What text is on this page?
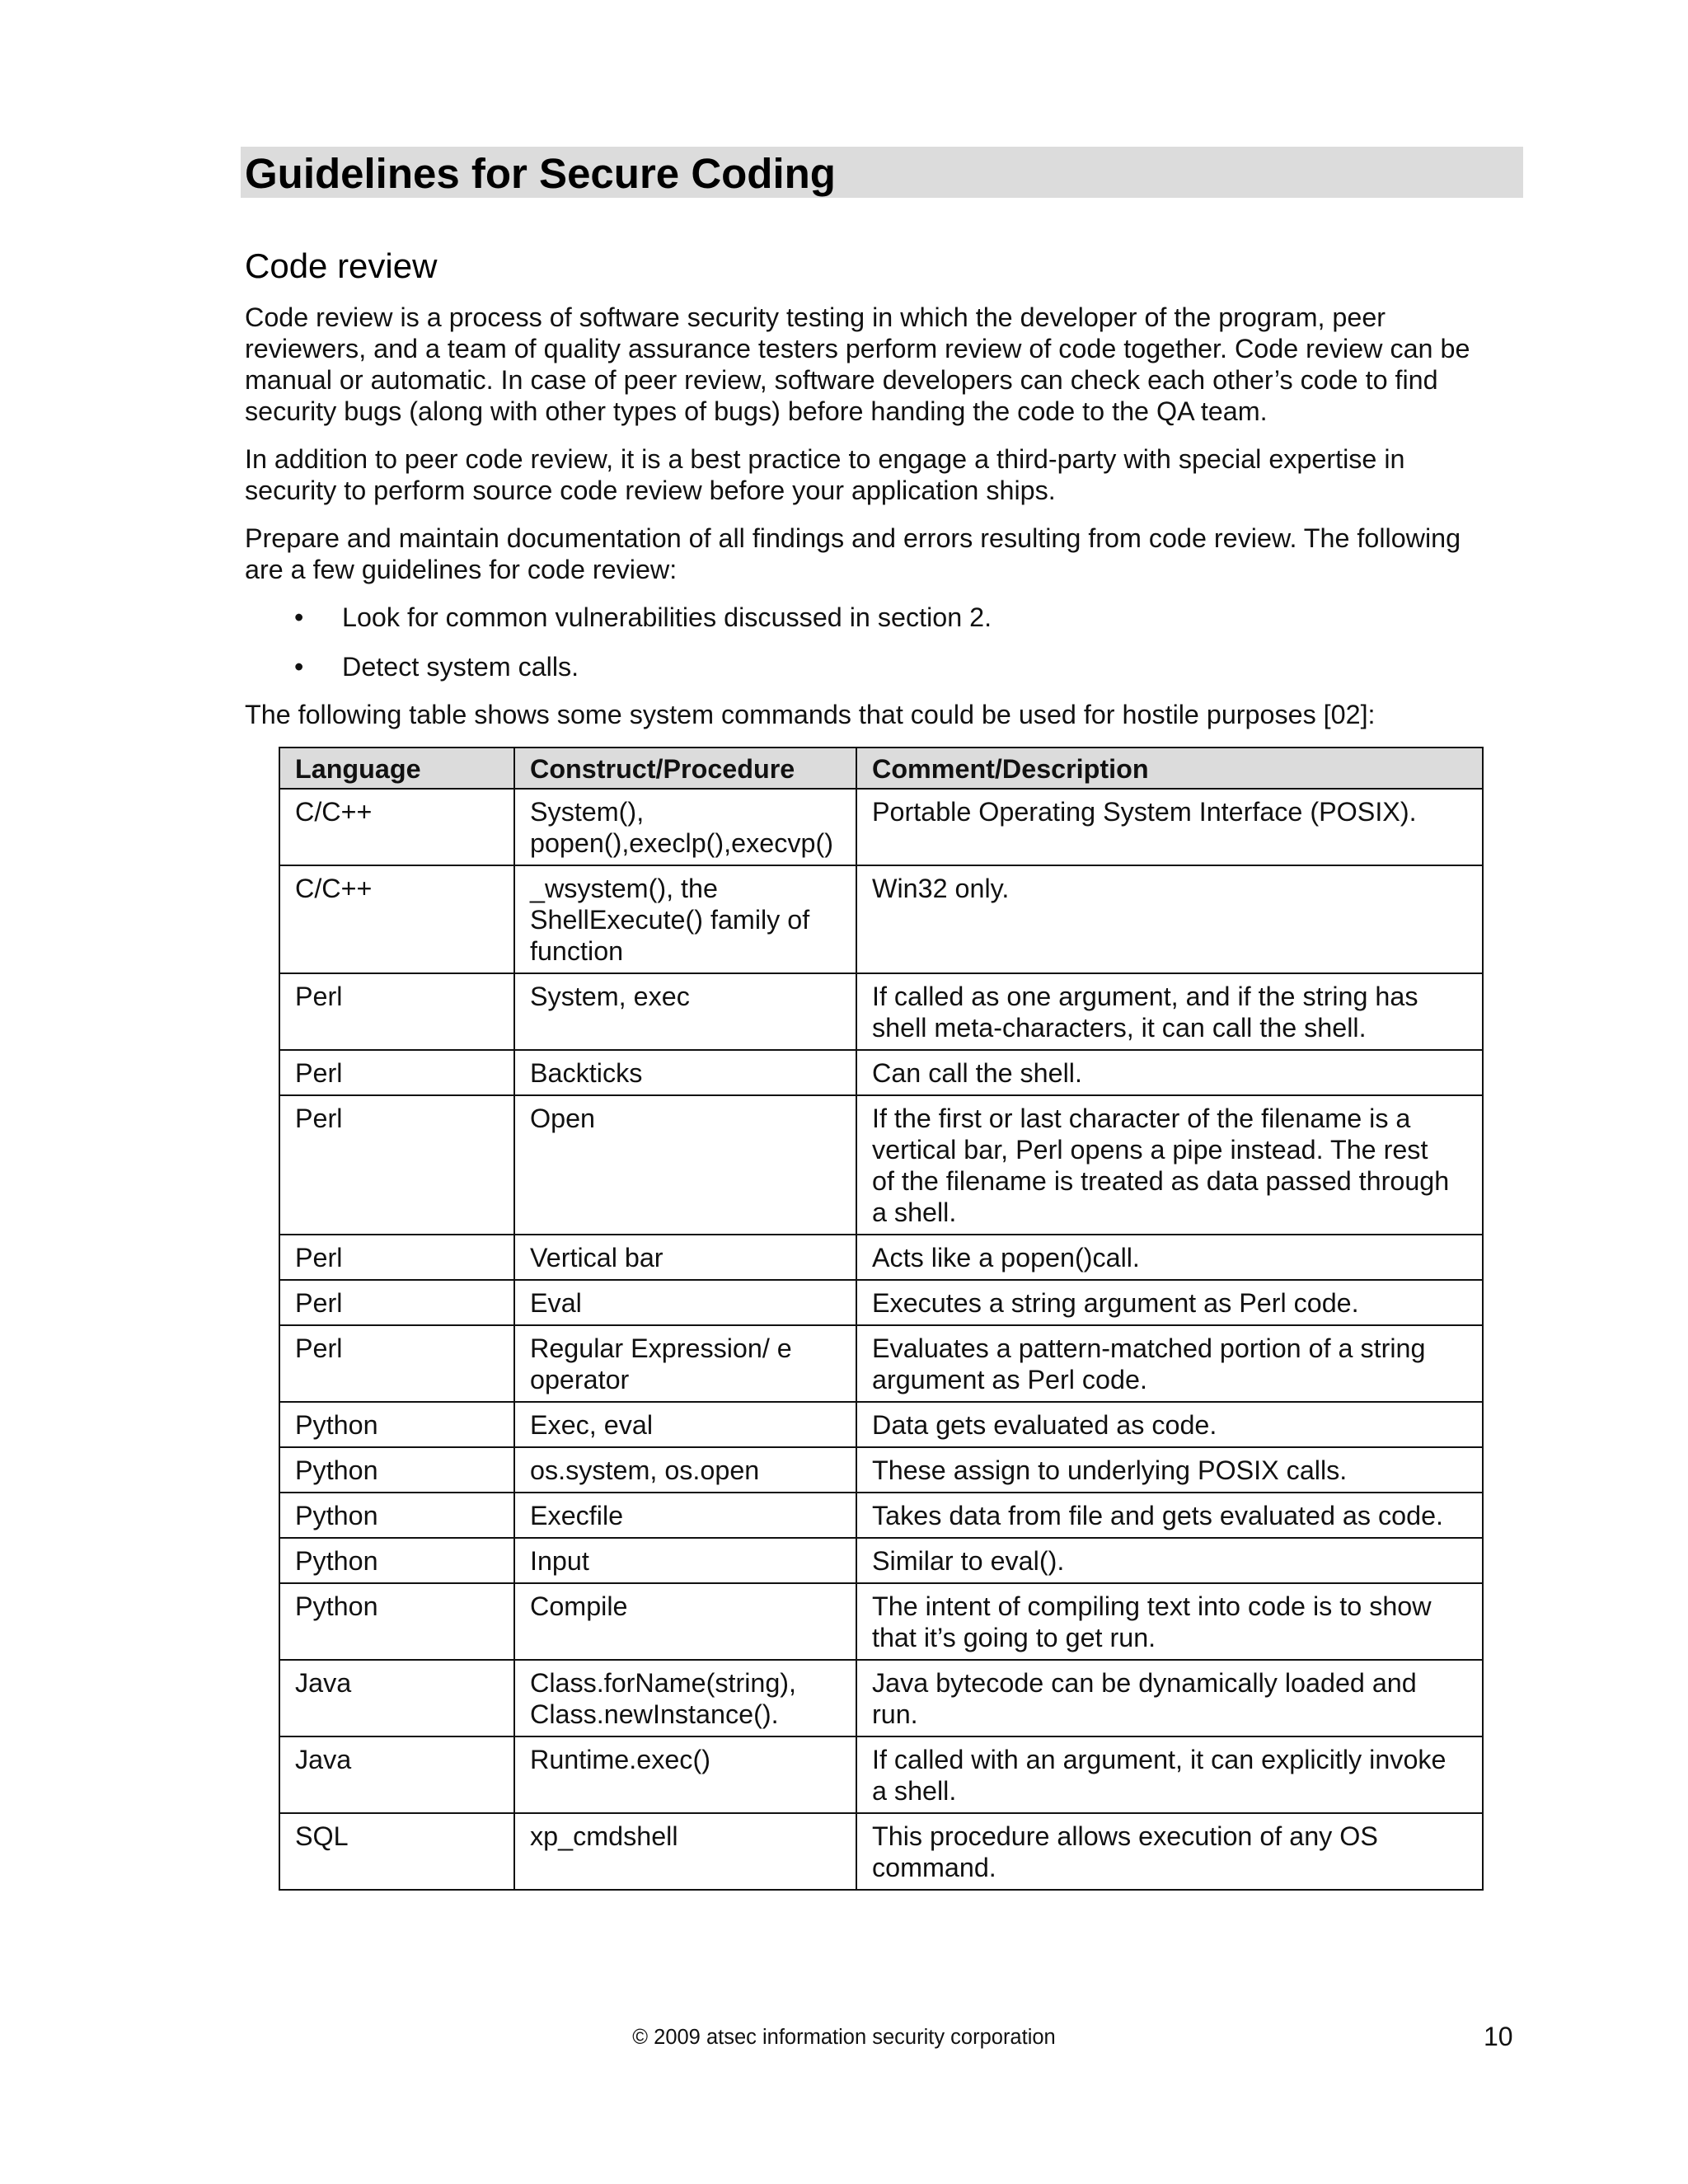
Guidelines for Secure Coding
Code review

Code review is a process of software security testing in which the developer of the program, peer
reviewers, and a team of quality assurance testers perform review of code together. Code review can be
manual or automatic. In case of peer review, software developers can check each other’s code to find
security bugs (along with other types of bugs) before handing the code to the QA team.

In addition to peer code review, it is a best practice to engage a third-party with special expertise in
security to perform source code review before your application ships.

Prepare and maintain documentation of all findings and errors resulting from code review. The following
are a few guidelines for code review:

• Look for common vulnerabilities discussed in section 2.
• Detect system calls.

The following table shows some system commands that could be used for hostile purposes [02]:

Language	Construct/Procedure	Comment/Description

C/C++	System(),
popen(),execlp(),execvp()	Portable Operating System Interface (POSIX).

C/C++	_wsystem(), the
ShellExecute() family of
function	Win32 only.

Perl	System, exec	If called as one argument, and if the string has
shell meta-characters, it can call the shell.

Perl	Backticks	Can call the shell.

Perl	Open	If the first or last character of the filename is a
vertical bar, Perl opens a pipe instead. The rest
of the filename is treated as data passed through
a shell.

Perl	Vertical bar	Acts like a popen()call.

Perl	Eval	Executes a string argument as Perl code.

Perl	Regular Expression/ e
operator	Evaluates a pattern-matched portion of a string
argument as Perl code.

Python	Exec, eval	Data gets evaluated as code.

Python	os.system, os.open	These assign to underlying POSIX calls.

Python	Execfile	Takes data from file and gets evaluated as code.

Python	Input	Similar to eval().

Python	Compile	The intent of compiling text into code is to show
that it’s going to get run.

Java	Class.forName(string),
Class.newInstance().	Java bytecode can be dynamically loaded and
run.

Java	Runtime.exec()	If called with an argument, it can explicitly invoke
a shell.

SQL	xp_cmdshell	This procedure allows execution of any OS
command.
© 2009 atsec information security corporation	10
